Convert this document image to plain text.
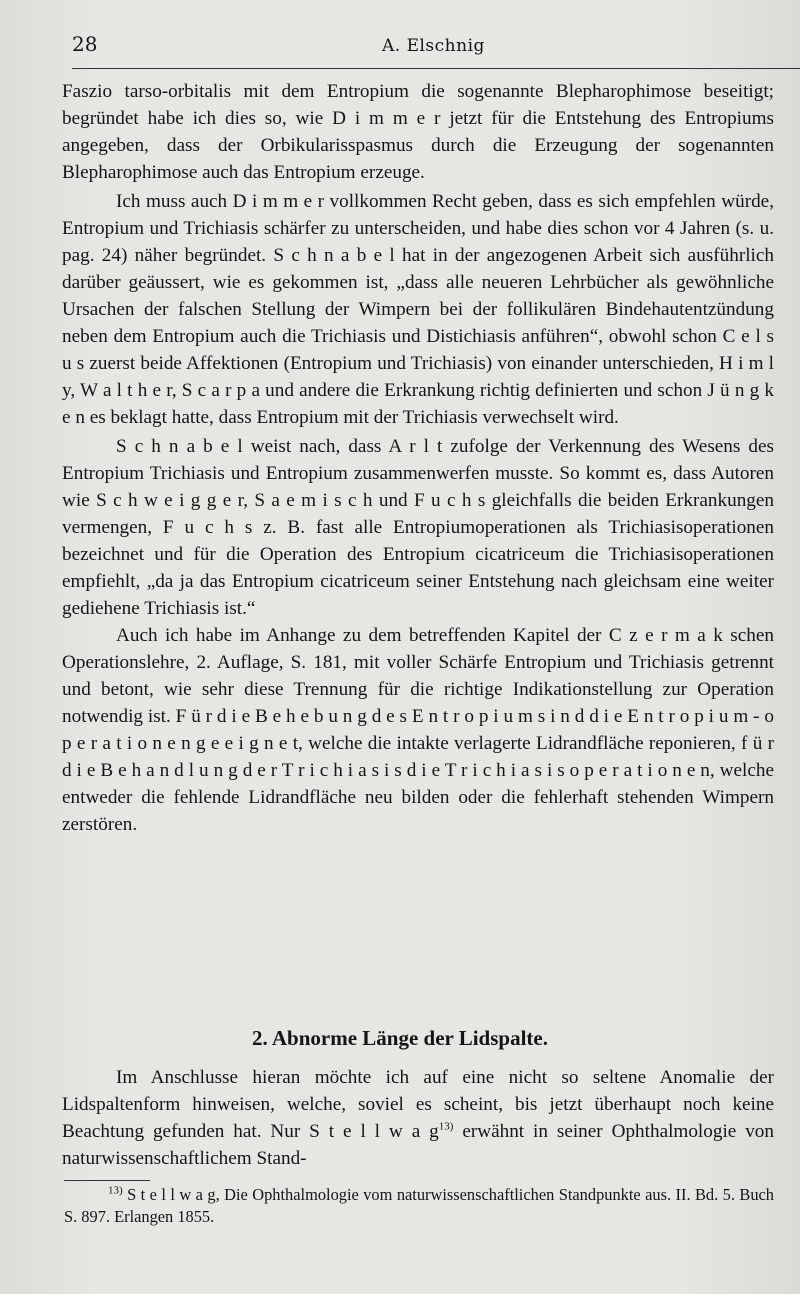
28	A. Elschnig

Faszio tarso-orbitalis mit dem Entropium die sogenannte Blepharophimose beseitigt; begründet habe ich dies so, wie D i m m e r jetzt für die Entstehung des Entropiums angegeben, dass der Orbikularisspasmus durch die Erzeugung der sogenannten Blepharophimose auch das Entropium erzeuge.

Ich muss auch D i m m e r vollkommen Recht geben, dass es sich empfehlen würde, Entropium und Trichiasis schärfer zu unterscheiden, und habe dies schon vor 4 Jahren (s. u. pag. 24) näher begründet. S c h n a b e l hat in der angezogenen Arbeit sich ausführlich darüber geäussert, wie es gekommen ist, „dass alle neueren Lehrbücher als gewöhnliche Ursachen der falschen Stellung der Wimpern bei der follikulären Bindehautentzündung neben dem Entropium auch die Trichiasis und Distichiasis anführen“, obwohl schon C e l s u s zuerst beide Affektionen (Entropium und Trichiasis) von einander unterschieden, H i m l y, W a l t h e r, S c a r p a und andere die Erkrankung richtig definierten und schon J ü n g k e n es beklagt hatte, dass Entropium mit der Trichiasis verwechselt wird.

S c h n a b e l weist nach, dass A r l t zufolge der Verkennung des Wesens des Entropium Trichiasis und Entropium zusammenwerfen musste. So kommt es, dass Autoren wie S c h w e i g g e r, S a e m i s c h und F u c h s gleichfalls die beiden Erkrankungen vermengen, F u c h s z. B. fast alle Entropiumoperationen als Trichiasisoperationen bezeichnet und für die Operation des Entropium cicatriceum die Trichiasisoperationen empfiehlt, „da ja das Entropium cicatriceum seiner Entstehung nach gleichsam eine weiter gediehene Trichiasis ist.“

Auch ich habe im Anhange zu dem betreffenden Kapitel der C z e r m a k schen Operationslehre, 2. Auflage, S. 181, mit voller Schärfe Entropium und Trichiasis getrennt und betont, wie sehr diese Trennung für die richtige Indikationstellung zur Operation notwendig ist. F ü r d i e B e h e b u n g d e s E n t r o p i u m s i n d d i e E n t r o p i u m - o p e r a t i o n e n g e e i g n e t, welche die intakte verlagerte Lidrandfläche reponieren, f ü r d i e B e h a n d l u n g d e r T r i c h i a s i s d i e T r i c h i a s i s o p e r a t i o n e n, welche entweder die fehlende Lidrandfläche neu bilden oder die fehlerhaft stehenden Wimpern zerstören.

2. Abnorme Länge der Lidspalte.

Im Anschlusse hieran möchte ich auf eine nicht so seltene Anomalie der Lidspaltenform hinweisen, welche, soviel es scheint, bis jetzt überhaupt noch keine Beachtung gefunden hat. Nur S t e l l w a $g^{13)}$ erwähnt in seiner Ophthalmologie von naturwissenschaftlichem Stand-

$^{13)}$ S t e l l w a g, Die Ophthalmologie vom naturwissenschaftlichen Standpunkte aus. II. Bd. 5. Buch S. 897. Erlangen 1855.
